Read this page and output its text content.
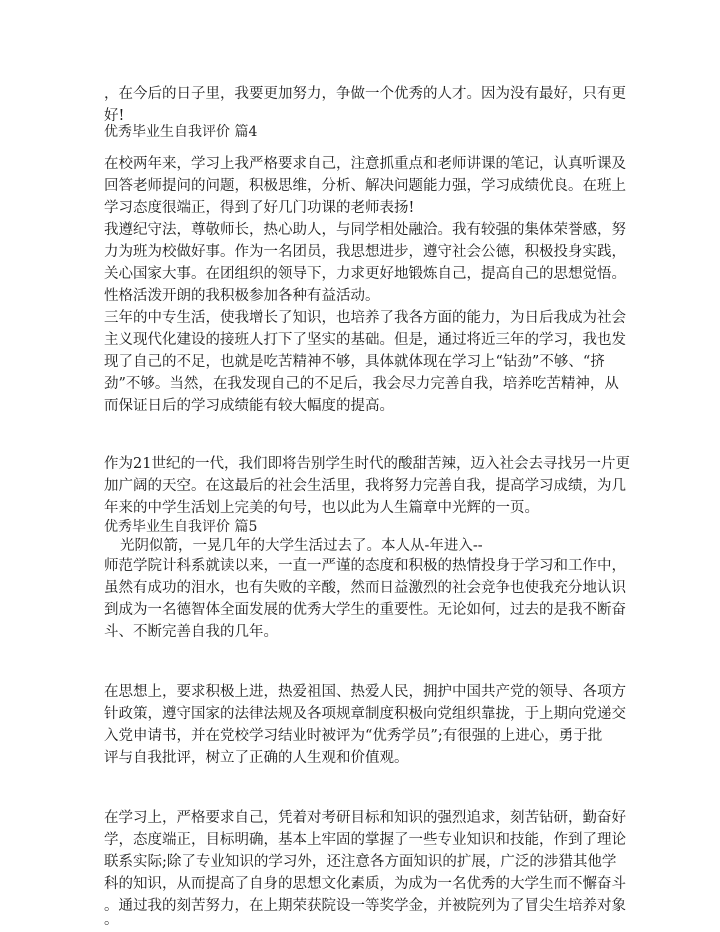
，在今后的日子里，我要更加努力，争做一个优秀的人才。因为没有最好，只有更

好!

优秀毕业生自我评价 篇4

在校两年来，学习上我严格要求自己，注意抓重点和老师讲课的笔记，认真听课及

回答老师提问的问题，积极思维，分析、解决问题能力强，学习成绩优良。在班上

学习态度很端正，得到了好几门功课的老师表扬!

我遵纪守法，尊敬师长，热心助人，与同学相处融洽。我有较强的集体荣誉感，努

力为班为校做好事。作为一名团员，我思想进步，遵守社会公德，积极投身实践，

关心国家大事。在团组织的领导下，力求更好地锻炼自己，提高自己的思想觉悟。

性格活泼开朗的我积极参加各种有益活动。

三年的中专生活，使我增长了知识，也培养了我各方面的能力，为日后我成为社会

主义现代化建设的接班人打下了坚实的基础。但是，通过将近三年的学习，我也发

现了自己的不足，也就是吃苦精神不够，具体就体现在学习上“钻劲”不够、“挤

劲”不够。当然，在我发现自己的不足后，我会尽力完善自我，培养吃苦精神，从

而保证日后的学习成绩能有较大幅度的提高。

作为21世纪的一代，我们即将告别学生时代的酸甜苦辣，迈入社会去寻找另一片更

加广阔的天空。在这最后的社会生活里，我将努力完善自我，提高学习成绩，为几

年来的中学生活划上完美的句号，也以此为人生篇章中光辉的一页。

优秀毕业生自我评价 篇5

光阴似箭，一晃几年的大学生活过去了。本人从-年进入--

师范学院计科系就读以来，一直一严谨的态度和积极的热情投身于学习和工作中，

虽然有成功的泪水，也有失败的辛酸，然而日益激烈的社会竞争也使我充分地认识

到成为一名德智体全面发展的优秀大学生的重要性。无论如何，过去的是我不断奋

斗、不断完善自我的几年。

在思想上，要求积极上进，热爱祖国、热爱人民，拥护中国共产党的领导、各项方

针政策，遵守国家的法律法规及各项规章制度积极向党组织靠拢，于上期向党递交

入党申请书，并在党校学习结业时被评为“优秀学员”;有很强的上进心，勇于批

评与自我批评，树立了正确的人生观和价值观。

在学习上，严格要求自己，凭着对考研目标和知识的强烈追求，刻苦钻研，勤奋好

学，态度端正，目标明确，基本上牢固的掌握了一些专业知识和技能，作到了理论

联系实际;除了专业知识的学习外，还注意各方面知识的扩展，广泛的涉猎其他学

科的知识，从而提高了自身的思想文化素质，为成为一名优秀的大学生而不懈奋斗

。通过我的刻苦努力，在上期荣获院设一等奖学金，并被院列为了冒尖生培养对象

。
